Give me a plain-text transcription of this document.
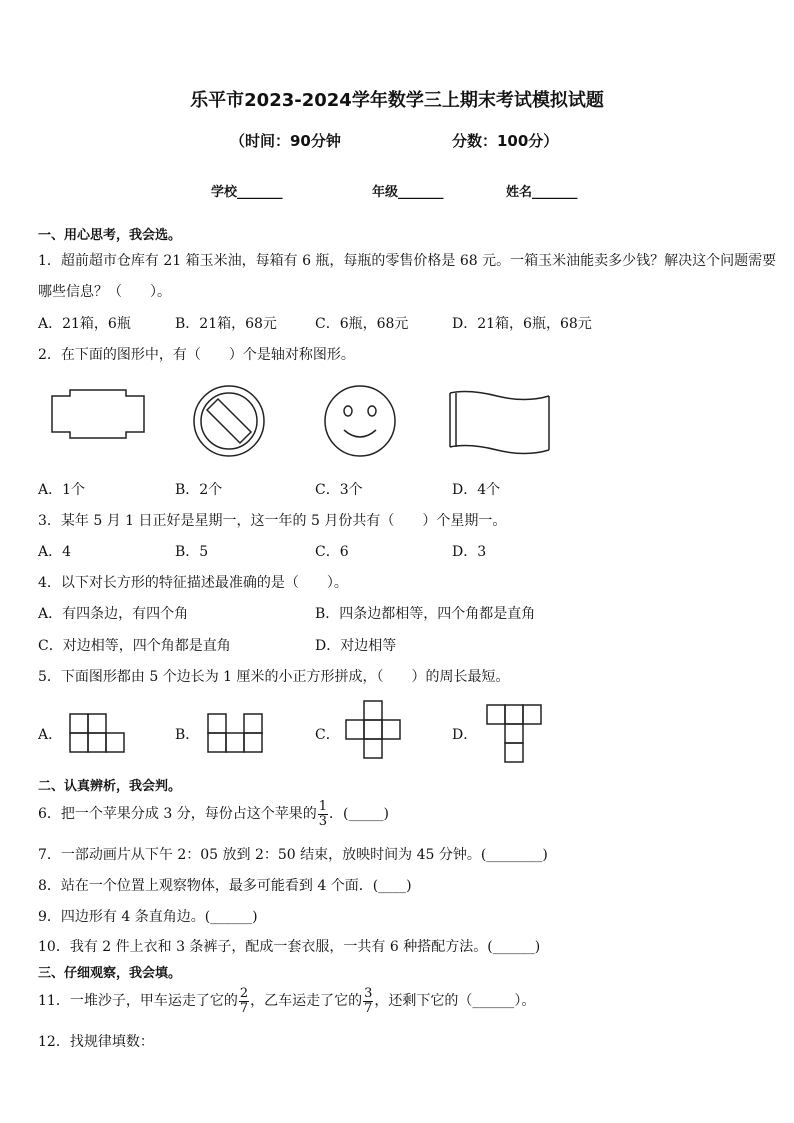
乐平市2023-2024学年数学三上期末考试模拟试题
（时间：90分钟	分数：100分）
学校_______	年级_______	姓名_______
一、用心思考，我会选。
1．超前超市仓库有 21 箱玉米油，每箱有 6 瓶，每瓶的零售价格是 68 元。一箱玉米油能卖多少钱？解决这个问题需要
哪些信息？（　　）。
A．21箱，6瓶	B．21箱，68元	C．6瓶，68元	D．21箱，6瓶，68元
2．在下面的图形中，有（　　）个是轴对称图形。
A．1个	B．2个	C．3个	D．4个
3．某年 5 月 1 日正好是星期一，这一年的 5 月份共有（　　）个星期一。
A．4	B．5	C．6	D．3
4．以下对长方形的特征描述最准确的是（　　）。
A．有四条边，有四个角	B．四条边都相等，四个角都是直角
C．对边相等，四个角都是直角	D．对边相等
5．下面图形都由 5 个边长为 1 厘米的小正方形拼成，（　　）的周长最短。
A．	B．	C．	D．
二、认真辨析，我会判。
6．把一个苹果分成 3 分，每份占这个苹果的 $\frac{1}{3}$ ．(_____)
7．一部动画片从下午 2：05 放到 2：50 结束，放映时间为 45 分钟。(________)
8．站在一个位置上观察物体，最多可能看到 4 个面．(____)
9．四边形有 4 条直角边。(______)
10．我有 2 件上衣和 3 条裤子，配成一套衣服，一共有 6 种搭配方法。(______)
三、仔细观察，我会填。
11．一堆沙子，甲车运走了它的 $\frac{2}{7}$ ，乙车运走了它的 $\frac{3}{7}$ ，还剩下它的（______）。
12．找规律填数：
